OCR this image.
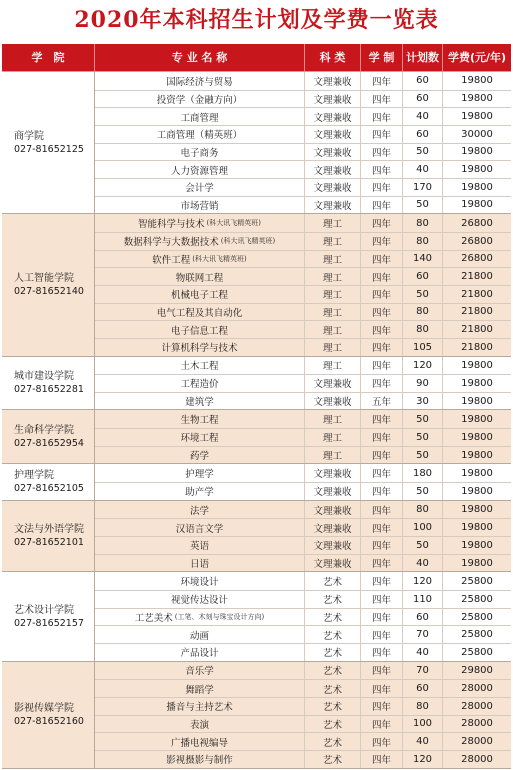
2020年本科招生计划及学费一览表
学　院	专 业 名 称	科 类	学 制	计划数 学费(元/年)
商学院
027-81652125
国际经济与贸易	文理兼收	四年	60	19800
投资学（金融方向）	文理兼收	四年	60	19800
工商管理	文理兼收	四年	40	19800
工商管理（精英班）	文理兼收	四年	60	30000
电子商务	文理兼收	四年	50	19800
人力资源管理	文理兼收	四年	40	19800
会计学	文理兼收	四年	170	19800
市场营销	文理兼收	四年	50	19800
人工智能学院
027-81652140
智能科学与技术 (科大讯飞精英班)	理工	四年	80	26800
数据科学与大数据技术 (科大讯飞精英班)	理工	四年	80	26800
软件工程 (科大讯飞精英班)	理工	四年	140	26800
物联网工程	理工	四年	60	21800
机械电子工程	理工	四年	50	21800
电气工程及其自动化	理工	四年	80	21800
电子信息工程	理工	四年	80	21800
计算机科学与技术	理工	四年	105	21800
城市建设学院
027-81652281
土木工程	理工	四年	120	19800
工程造价	文理兼收	四年	90	19800
建筑学	文理兼收	五年	30	19800
生命科学学院
027-81652954
生物工程	理工	四年	50	19800
环境工程	理工	四年	50	19800
药学	理工	四年	50	19800
护理学院
027-81652105
护理学	文理兼收	四年	180	19800
助产学	文理兼收	四年	50	19800
文法与外语学院
027-81652101
法学	文理兼收	四年	80	19800
汉语言文学	文理兼收	四年	100	19800
英语	文理兼收	四年	50	19800
日语	文理兼收	四年	40	19800
艺术设计学院
027-81652157
环境设计	艺术	四年	120	25800
视觉传达设计	艺术	四年	110	25800
工艺美术 (工笔、木刻与珠宝设计方向)	艺术	四年	60	25800
动画	艺术	四年	70	25800
产品设计	艺术	四年	40	25800
影视传媒学院
027-81652160
音乐学	艺术	四年	70	29800
舞蹈学	艺术	四年	60	28000
播音与主持艺术	艺术	四年	80	28000
表演	艺术	四年	100	28000
广播电视编导	艺术	四年	40	28000
影视摄影与制作	艺术	四年	120	28000
